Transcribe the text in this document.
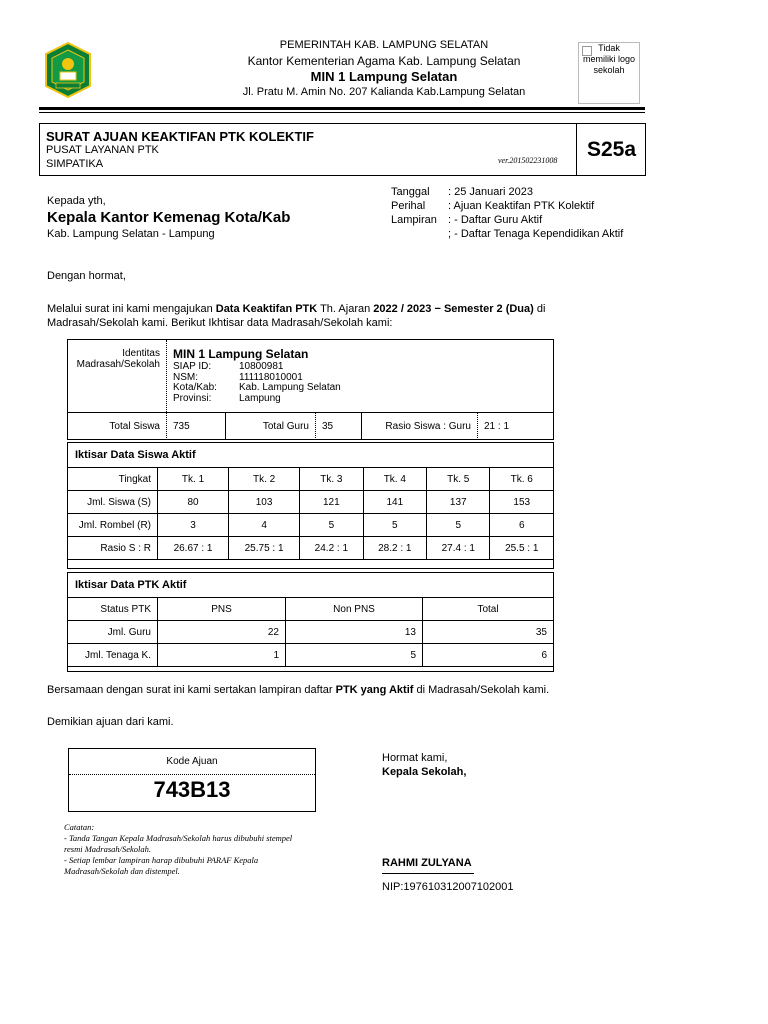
PEMERINTAH KAB. LAMPUNG SELATAN
Kantor Kementerian Agama Kab. Lampung Selatan
MIN 1 Lampung Selatan
Jl. Pratu M. Amin No. 207 Kalianda Kab.Lampung Selatan
Tidak memiliki logo sekolah
SURAT AJUAN KEAKTIFAN PTK KOLEKTIF
PUSAT LAYANAN PTK
SIMPATIKA	ver.201502231008 S25a
Kepada yth,
Kepala Kantor Kemenag Kota/Kab
Kab. Lampung Selatan - Lampung
Tanggal : 25 Januari 2023
Perihal : Ajuan Keaktifan PTK Kolektif
Lampiran : - Daftar Guru Aktif
; - Daftar Tenaga Kependidikan Aktif
Dengan hormat,
Melalui surat ini kami mengajukan Data Keaktifan PTK Th. Ajaran 2022 / 2023 − Semester 2 (Dua) di
Madrasah/Sekolah kami. Berikut Ikhtisar data Madrasah/Sekolah kami:
Identitas Madrasah/Sekolah
MIN 1 Lampung Selatan
SIAP ID:	10800981
NSM:	111118010001
Kota/Kab: Kab. Lampung Selatan
Provinsi:	Lampung
Total Siswa 735	Total Guru 35	Rasio Siswa : Guru 21 : 1
Iktisar Data Siswa Aktif
Tingkat	Tk. 1	Tk. 2	Tk. 3	Tk. 4	Tk. 5	Tk. 6
Jml. Siswa (S)	80	103	121	141	137	153
Jml. Rombel (R)	3	4	5	5	5	6
Rasio S : R	26.67 : 1	25.75 : 1	24.2 : 1	28.2 : 1	27.4 : 1	25.5 : 1
Iktisar Data PTK Aktif
Status PTK	PNS	Non PNS	Total
Jml. Guru	22	13	35
Jml. Tenaga K.	1	5	6
Bersamaan dengan surat ini kami sertakan lampiran daftar PTK yang Aktif di Madrasah/Sekolah kami.
Demikian ajuan dari kami.
Kode Ajuan
743B13
Catatan:
- Tanda Tangan Kepala Madrasah/Sekolah harus dibubuhi stempel
resmi Madrasah/Sekolah.
- Setiap lembar lampiran harap dibubuhi PARAF Kepala
Madrasah/Sekolah dan distempel.
Hormat kami,
Kepala Sekolah,
RAHMI ZULYANA
NIP:197610312007102001
